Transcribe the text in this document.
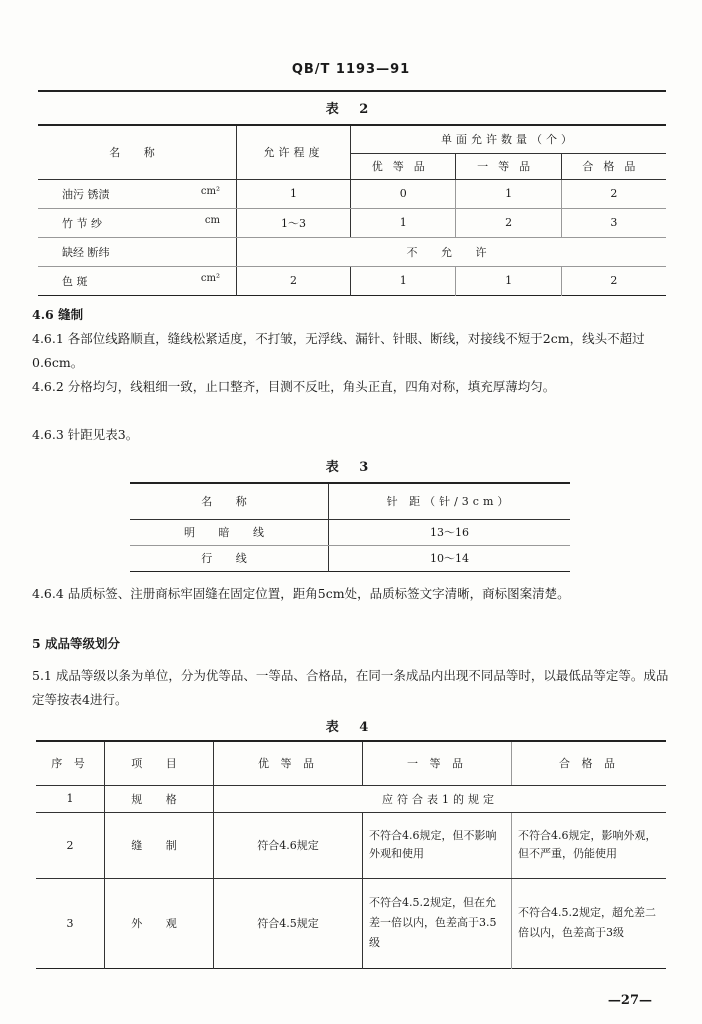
QB/T 1193—91
表 2
名 称	允许程度	单面允许数量（个）		
		优等品	一等品	合格品

油污 锈渍 cm²	1	0	1	2

竹 节 纱 cm	1～3	1	2	3

缺经 断纬	不 允 许			

色 斑 cm²	2	1	1	2
4.6 缝制
4.6.1 各部位线路顺直，缝线松紧适度，不打皱，无浮线、漏针、针眼、断线，对接线不短于2cm，线头不超过0.6cm。
4.6.2 分格均匀，线粗细一致，止口整齐，目测不反吐，角头正直，四角对称，填充厚薄均匀。
4.6.3 针距见表3。
表 3
名 称	针 距（针/3cm）
明 暗 线	13～16
行 线	10～14
4.6.4 品质标签、注册商标牢固缝在固定位置，距角5cm处，品质标签文字清晰，商标图案清楚。
5 成品等级划分
5.1 成品等级以条为单位，分为优等品、一等品、合格品，在同一条成品内出现不同品等时，以最低品等定等。成品定等按表4进行。
表 4
序 号	项 目	优 等 品	一 等 品	合 格 品
1	规 格	应符合表1的规定		
2	缝 制	符合4.6规定	不符合4.6规定，但不影响外观和使用	不符合4.6规定，影响外观，但不严重，仍能使用
3	外 观	符合4.5规定	不符合4.5.2规定，但在允差一倍以内，色差高于3.5级	不符合4.5.2规定，超允差二倍以内，色差高于3级
—27—
